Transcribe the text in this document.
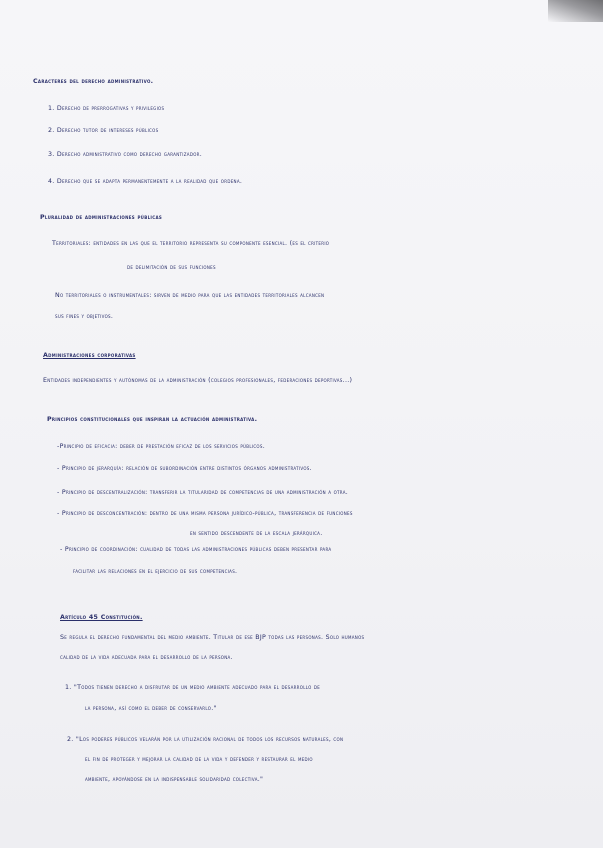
Caracteres del derecho administrativo.
1. Derecho de prerrogativas y privilegios
2. Derecho tutor de intereses públicos
3. Derecho administrativo como derecho garantizador.
4. Derecho que se adapta permanentemente a la realidad que ordena.
Pluralidad de administraciones públicas
Territoriales: entidades en las que el territorio representa su componente esencial. (es el criterio
de delimitación de sus funciones
No territoriales o instrumentales: sirven de medio para que las entidades territoriales alcancen
sus fines y objetivos.
Administraciones corporativas
Entidades independientes y autónomas de la administración (colegios profesionales, federaciones deportivas...)
Principios constitucionales que inspiran la actuación administrativa.
-Principio de eficacia: deber de prestación eficaz de los servicios públicos.
- Principio de jerarquía: relación de subordinación entre distintos órganos administrativos.
- Principio de descentralización: transferir la titularidad de competencias de una administración a otra.
- Principio de desconcentración: dentro de una misma persona jurídico-pública, transferencia de funciones
en sentido descendente de la escala jerárquica.
- Principio de coordinación: cualidad de todas las administraciones públicas deben presentar para
facilitar las relaciones en el ejercicio de sus competencias.
Artículo 45 Constitución.
Se regula el derecho fundamental del medio ambiente. Titular de ese BJP todas las personas. Solo humanos
calidad de la vida adecuada para el desarrollo de la persona.
1. "Todos tienen derecho a disfrutar de un medio ambiente adecuado para el desarrollo de
la persona, así como el deber de conservarlo."
2. "Los poderes públicos velarán por la utilización racional de todos los recursos naturales, con
el fin de proteger y mejorar la calidad de la vida y defender y restaurar el medio
ambiente, apoyándose en la indispensable solidaridad colectiva."
